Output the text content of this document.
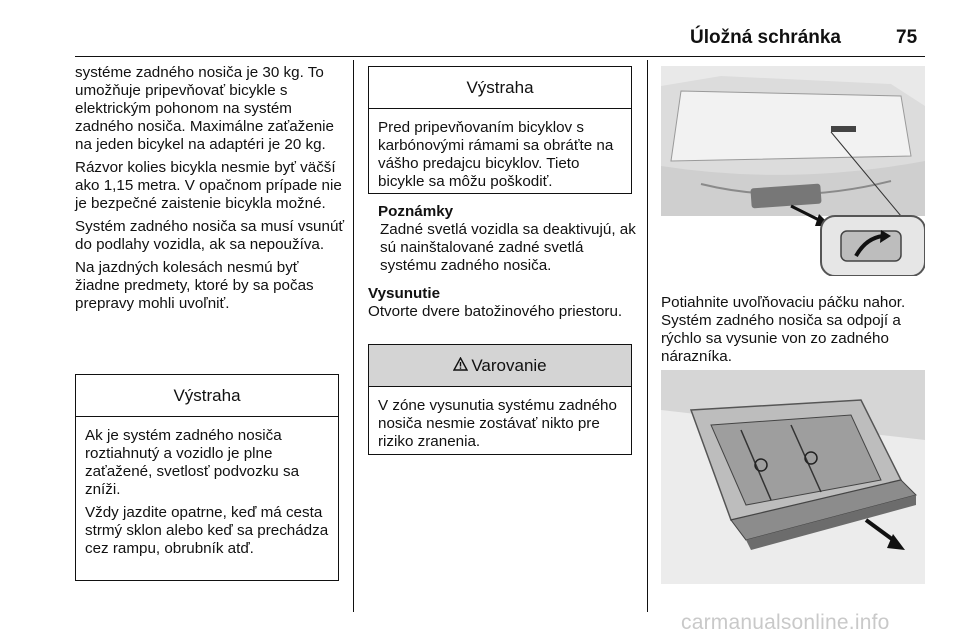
Úložná schránka	75

systéme zadného nosiča je 30 kg. To umožňuje pripevňovať bicykle s elektrickým pohonom na systém zadného nosiča. Maximálne zaťaženie na jeden bicykel na adaptéri je 20 kg.

Rázvor kolies bicykla nesmie byť väčší ako 1,15 metra. V opačnom prípade nie je bezpečné zaistenie bicykla možné.

Systém zadného nosiča sa musí vsunúť do podlahy vozidla, ak sa nepoužíva.

Na jazdných kolesách nesmú byť žiadne predmety, ktoré by sa počas prepravy mohli uvoľniť.

Výstraha

Ak je systém zadného nosiča roztiahnutý a vozidlo je plne zaťažené, svetlosť podvozku sa zníži.

Vždy jazdite opatrne, keď má cesta strmý sklon alebo keď sa prechádza cez rampu, obrubník atď.

Výstraha

Pred pripevňovaním bicyklov s karbónovými rámami sa obráťte na vášho predajcu bicyklov. Tieto bicykle sa môžu poškodiť.

Poznámky
Zadné svetlá vozidla sa deaktivujú, ak sú nainštalované zadné svetlá systému zadného nosiča.
Vysunutie
Otvorte dvere batožinového priestoru.
Varovanie

V zóne vysunutia systému zadného nosiča nesmie zostávať nikto pre riziko zranenia.

Potiahnite uvoľňovaciu páčku nahor. Systém zadného nosiča sa odpojí a rýchlo sa vysunie von zo zadného nárazníka.
carmanualsonline.info
